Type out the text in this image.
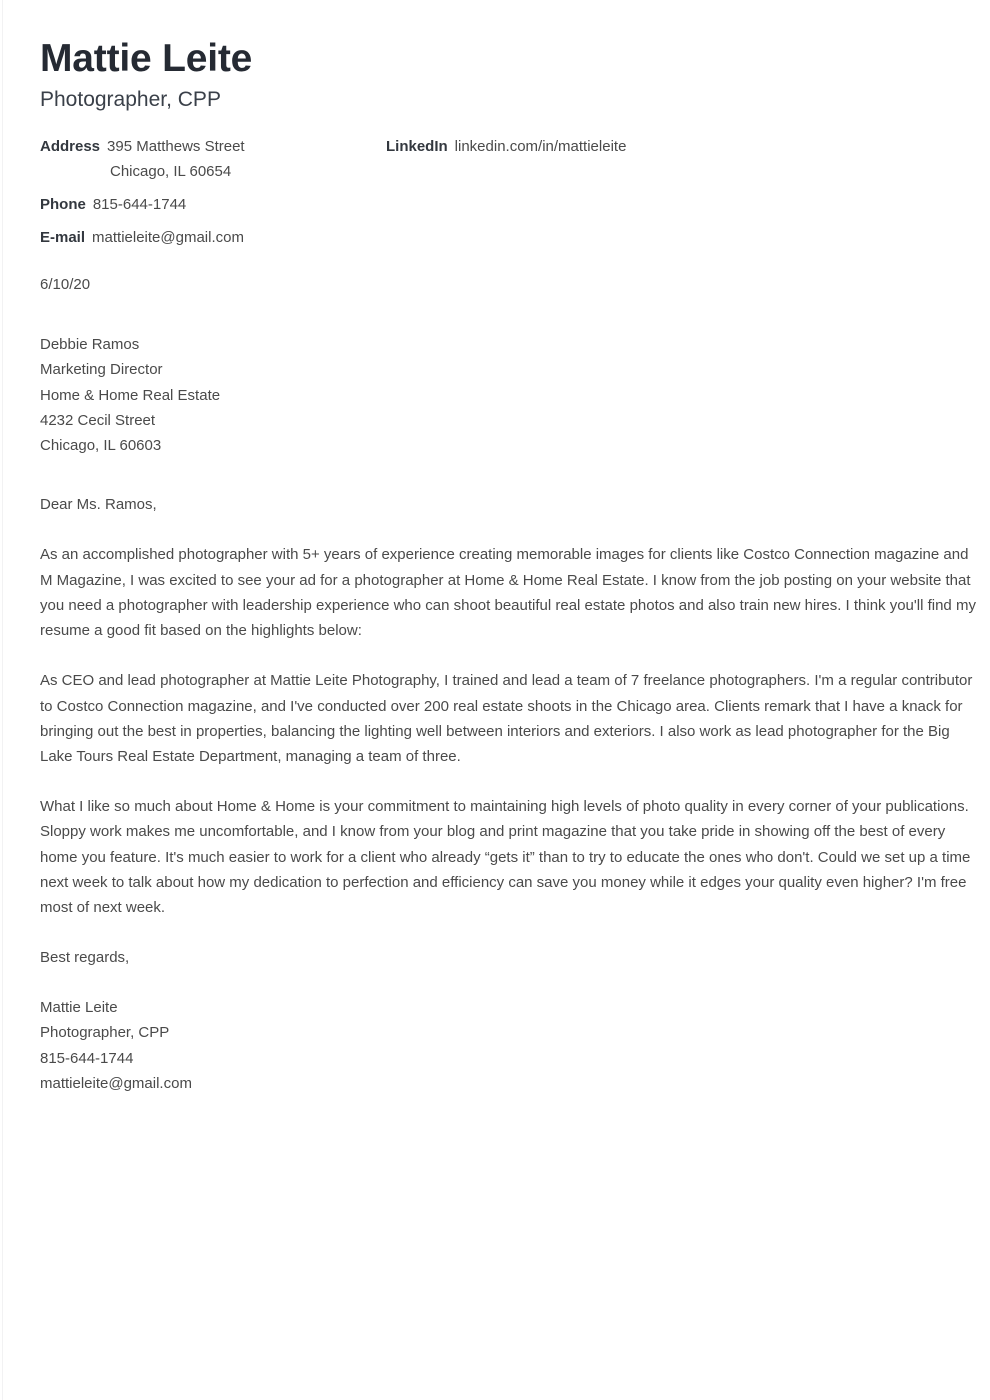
Mattie Leite
Photographer, CPP
Address 395 Matthews Street
Chicago, IL 60654
Phone 815-644-1744
E-mail mattieleite@gmail.com
LinkedIn linkedin.com/in/mattieleite
6/10/20
Debbie Ramos
Marketing Director
Home & Home Real Estate
4232 Cecil Street
Chicago, IL 60603
Dear Ms. Ramos,

As an accomplished photographer with 5+ years of experience creating memorable images for clients like Costco Connection magazine and M Magazine, I was excited to see your ad for a photographer at Home & Home Real Estate. I know from the job posting on your website that you need a photographer with leadership experience who can shoot beautiful real estate photos and also train new hires. I think you'll find my resume a good fit based on the highlights below:

As CEO and lead photographer at Mattie Leite Photography, I trained and lead a team of 7 freelance photographers. I'm a regular contributor to Costco Connection magazine, and I've conducted over 200 real estate shoots in the Chicago area. Clients remark that I have a knack for bringing out the best in properties, balancing the lighting well between interiors and exteriors. I also work as lead photographer for the Big Lake Tours Real Estate Department, managing a team of three.

What I like so much about Home & Home is your commitment to maintaining high levels of photo quality in every corner of your publications. Sloppy work makes me uncomfortable, and I know from your blog and print magazine that you take pride in showing off the best of every home you feature. It's much easier to work for a client who already “gets it” than to try to educate the ones who don't. Could we set up a time next week to talk about how my dedication to perfection and efficiency can save you money while it edges your quality even higher? I'm free most of next week.

Best regards,
Mattie Leite
Photographer, CPP
815-644-1744
mattieleite@gmail.com
